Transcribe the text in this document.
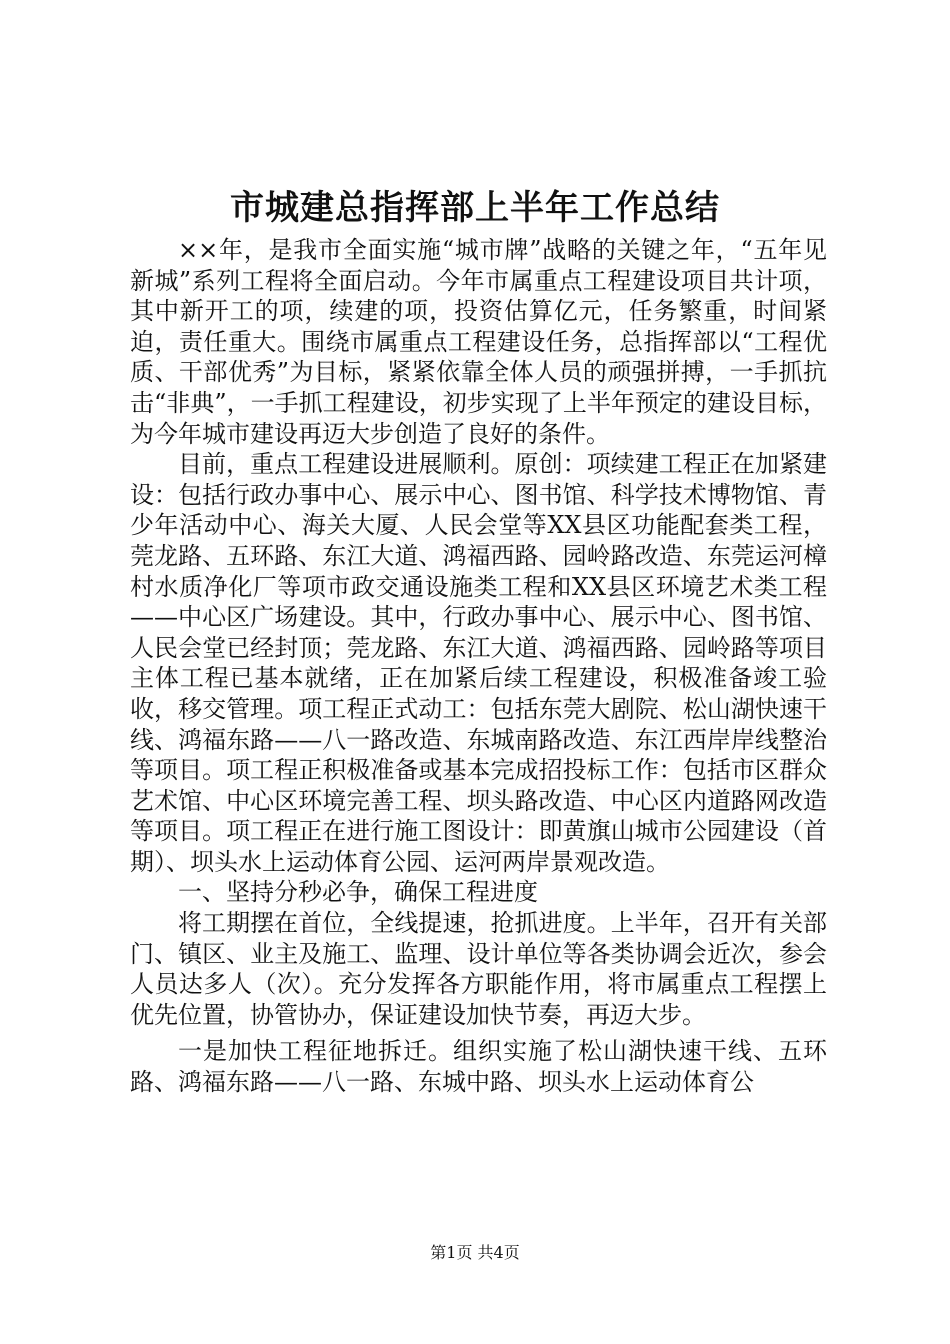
市城建总指挥部上半年工作总结

××年，是我市全面实施“城市牌”战略的关键之年，“五年见新城”系列工程将全面启动。今年市属重点工程建设项目共计项，其中新开工的项，续建的项，投资估算亿元，任务繁重，时间紧迫，责任重大。围绕市属重点工程建设任务，总指挥部以“工程优质、干部优秀”为目标，紧紧依靠全体人员的顽强拼搏，一手抓抗击“非典”，一手抓工程建设，初步实现了上半年预定的建设目标，为今年城市建设再迈大步创造了良好的条件。

目前，重点工程建设进展顺利。原创：项续建工程正在加紧建设：包括行政办事中心、展示中心、图书馆、科学技术博物馆、青少年活动中心、海关大厦、人民会堂等XX县区功能配套类工程，莞龙路、五环路、东江大道、鸿福西路、园岭路改造、东莞运河樟村水质净化厂等项市政交通设施类工程和XX县区环境艺术类工程——中心区广场建设。其中，行政办事中心、展示中心、图书馆、人民会堂已经封顶；莞龙路、东江大道、鸿福西路、园岭路等项目主体工程已基本就绪，正在加紧后续工程建设，积极准备竣工验收，移交管理。项工程正式动工：包括东莞大剧院、松山湖快速干线、鸿福东路——八一路改造、东城南路改造、东江西岸岸线整治等项目。项工程正积极准备或基本完成招投标工作：包括市区群众艺术馆、中心区环境完善工程、坝头路改造、中心区内道路网改造等项目。项工程正在进行施工图设计：即黄旗山城市公园建设（首期）、坝头水上运动体育公园、运河两岸景观改造。

一、坚持分秒必争，确保工程进度

将工期摆在首位，全线提速，抢抓进度。上半年，召开有关部门、镇区、业主及施工、监理、设计单位等各类协调会近次，参会人员达多人（次）。充分发挥各方职能作用，将市属重点工程摆上优先位置，协管协办，保证建设加快节奏，再迈大步。

一是加快工程征地拆迁。组织实施了松山湖快速干线、五环路、鸿福东路——八一路、东城中路、坝头水上运动体育公

第1页 共4页
